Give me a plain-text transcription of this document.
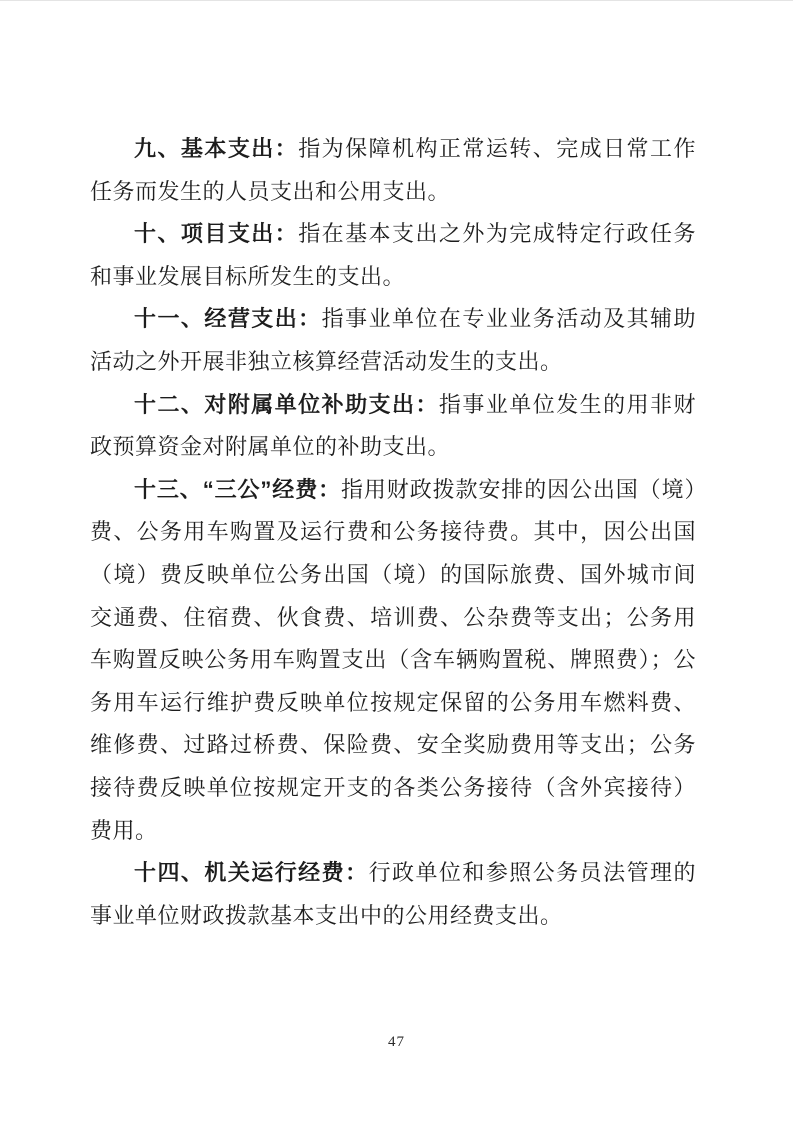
九、基本支出：指为保障机构正常运转、完成日常工作任务而发生的人员支出和公用支出。

十、项目支出：指在基本支出之外为完成特定行政任务和事业发展目标所发生的支出。

十一、经营支出：指事业单位在专业业务活动及其辅助活动之外开展非独立核算经营活动发生的支出。

十二、对附属单位补助支出：指事业单位发生的用非财政预算资金对附属单位的补助支出。

十三、“三公”经费：指用财政拨款安排的因公出国（境）费、公务用车购置及运行费和公务接待费。其中，因公出国（境）费反映单位公务出国（境）的国际旅费、国外城市间交通费、住宿费、伙食费、培训费、公杂费等支出；公务用车购置反映公务用车购置支出（含车辆购置税、牌照费）；公务用车运行维护费反映单位按规定保留的公务用车燃料费、维修费、过路过桥费、保险费、安全奖励费用等支出；公务接待费反映单位按规定开支的各类公务接待（含外宾接待）费用。

十四、机关运行经费：行政单位和参照公务员法管理的事业单位财政拨款基本支出中的公用经费支出。

47
